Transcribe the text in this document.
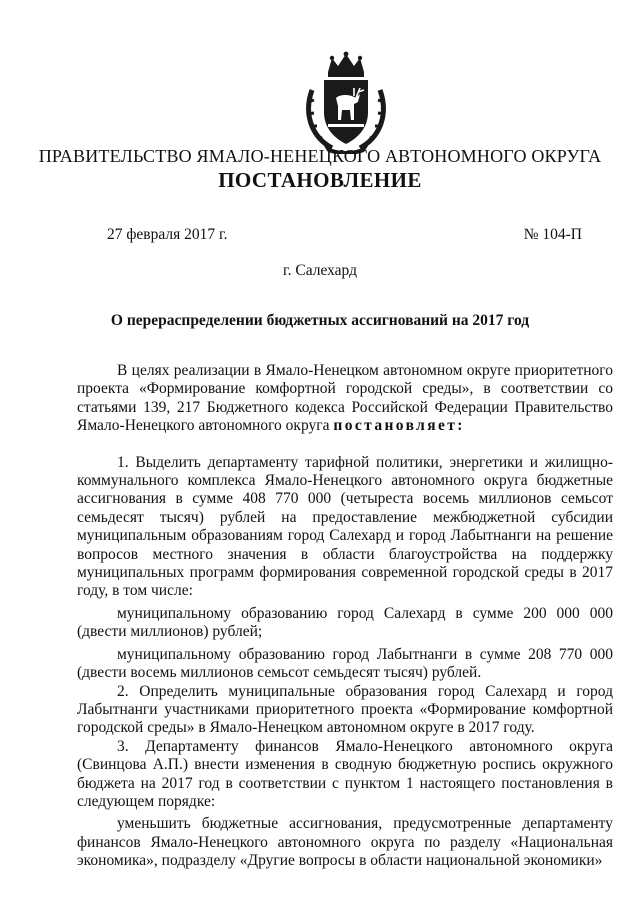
ПРАВИТЕЛЬСТВО ЯМАЛО-НЕНЕЦКОГО АВТОНОМНОГО ОКРУГА
ПОСТАНОВЛЕНИЕ
27 февраля 2017 г.	№ 104-П
г. Салехард
О перераспределении бюджетных ассигнований на 2017 год

В целях реализации в Ямало-Ненецком автономном округе приоритетного проекта «Формирование комфортной городской среды», в соответствии со статьями 139, 217 Бюджетного кодекса Российской Федерации Правительство Ямало-Ненецкого автономного округа постановляет:

1. Выделить департаменту тарифной политики, энергетики и жилищно-коммунального комплекса Ямало-Ненецкого автономного округа бюджетные ассигнования в сумме 408 770 000 (четыреста восемь миллионов семьсот семьдесят тысяч) рублей на предоставление межбюджетной субсидии муниципальным образованиям город Салехард и город Лабытнанги на решение вопросов местного значения в области благоустройства на поддержку муниципальных программ формирования современной городской среды в 2017 году, в том числе:

муниципальному образованию город Салехард в сумме 200 000 000 (двести миллионов) рублей;

муниципальному образованию город Лабытнанги в сумме 208 770 000 (двести восемь миллионов семьсот семьдесят тысяч) рублей.

2. Определить муниципальные образования город Салехард и город Лабытнанги участниками приоритетного проекта «Формирование комфортной городской среды» в Ямало-Ненецком автономном округе в 2017 году.

3. Департаменту финансов Ямало-Ненецкого автономного округа (Свинцова А.П.) внести изменения в сводную бюджетную роспись окружного бюджета на 2017 год в соответствии с пунктом 1 настоящего постановления в следующем порядке:

уменьшить бюджетные ассигнования, предусмотренные департаменту финансов Ямало-Ненецкого автономного округа по разделу «Национальная экономика», подразделу «Другие вопросы в области национальной экономики»
